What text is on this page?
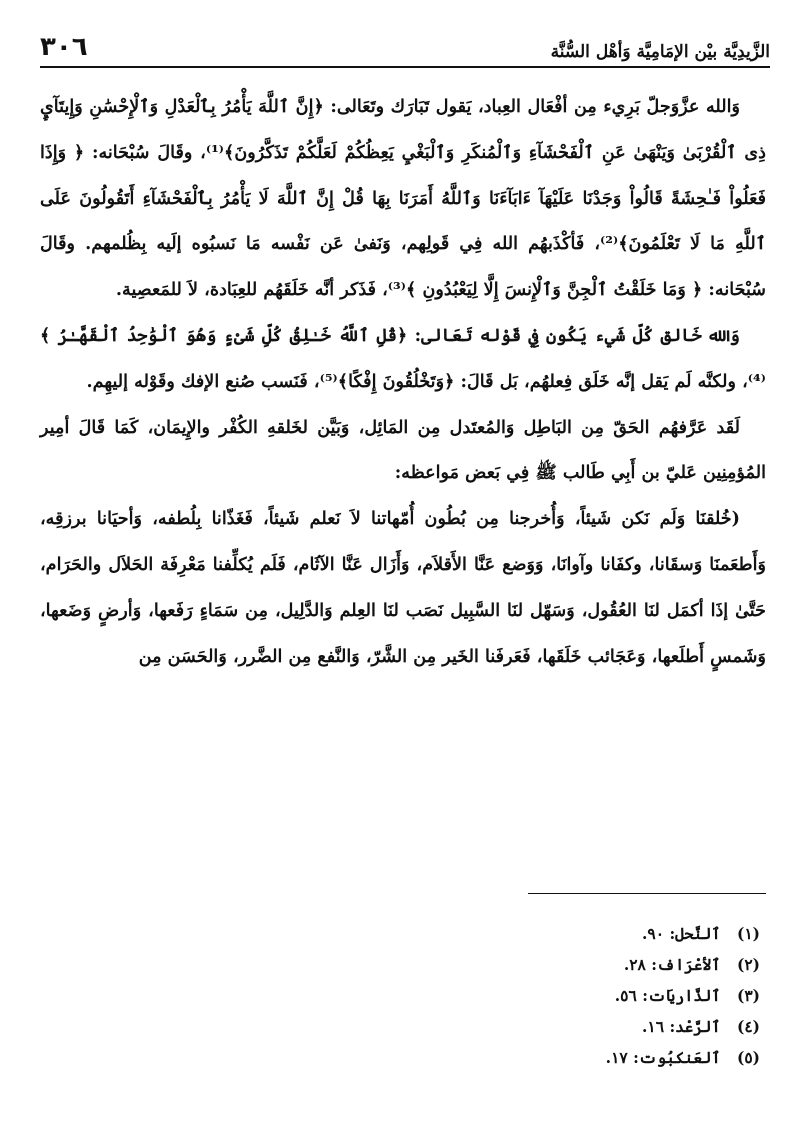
الزَّيدِيَّة بيْن الإمَامِيَّة وَأهْل السُّنَّة
٣٠٦

وَالله عزَّوَجلّ بَرِيء مِن أفْعَال العِباد، يَقول تَبَارَك وتَعَالى: ﴿إِنَّ ٱللَّهَ يَأْمُرُ بِٱلْعَدْلِ وَٱلْإِحْسَٰنِ وَإِيتَآيِٕ ذِى ٱلْقُرْبَىٰ وَيَنْهَىٰ عَنِ ٱلْفَحْشَآءِ وَٱلْمُنكَرِ وَٱلْبَغْيِ يَعِظُكُمْ لَعَلَّكُمْ تَذَكَّرُونَ﴾⁽¹⁾، وقَالَ سُبْحَانه: ﴿ وَإِذَا فَعَلُواْ فَـٰحِشَةً قَالُواْ وَجَدْنَا عَلَيْهَآ ءَابَآءَنَا وَٱللَّهُ أَمَرَنَا بِهَا قُلْ إِنَّ ٱللَّهَ لَا يَأْمُرُ بِٱلْفَحْشَآءِ أَتَقُولُونَ عَلَى ٱللَّهِ مَا لَا تَعْلَمُونَ﴾⁽²⁾، فَأكْذَبهُم الله فِي قَولِهم، وَنَفىٰ عَن نَفْسه مَا نَسبُوه إلَيه بِظُلمهم. وقَالَ سُبْحَانه: ﴿ وَمَا خَلَقْتُ ٱلْجِنَّ وَٱلْإِنسَ إِلَّا لِيَعْبُدُونِ ﴾⁽³⁾، فَذَكر أنَّه خَلَقَهُم للعِبَادة، لاَ للمَعصِية.

وَالله خَالق كُلّ شَيء يَكُون فِي قَوْله تَعَالى: ﴿قُلِ ٱللَّهُ خَـٰلِقُ كُلِّ شَىْءٍ وَهُوَ ٱلْوَٰحِدُ ٱلْقَهَّـٰرُ ﴾⁽⁴⁾، ولكنَّه لَم يَقل إنَّه خَلَق فِعلهُم، بَل قَالَ: ﴿وَتَخْلُقُونَ إِفْكًا﴾⁽⁵⁾، فَنَسب صُنع الإفك وقَوْله إليهِم.

لَقَد عَرَّفهُم الحَقّ مِن البَاطِل وَالمُعتَدل مِن المَائِل، وَبَيَّن لخَلقهِ الكُفْر والإِيمَان، كَمَا قَالَ أمِير المُؤمِنِين عَليّ بن أَبِي طَالب ﷺ فِي بَعض مَواعظه:

(خُلقنَا وَلَم نَكن شَيئاً، وَأُخرجنا مِن بُطُون أُمّهاتنا لاَ نَعلم شَيئاً، فَغَذّانا بِلُطفه، وَأحيَانا برزقِه، وَأَطعَمنَا وَسقَانا، وكفَانا وآوانَا، وَوَضع عَنَّا الأَقلاَم، وَأَزَال عَنَّا الآثَام، فَلَم يُكلِّفنا مَعْرِفَة الحَلاَل والحَرَام، حَتَّىٰ إذَا أكمَل لنَا العُقُول، وَسَهّل لنَا السَّبِيل نَصَب لنَا العِلم وَالدَّلِيل، مِن سَمَاءٍ رَفَعها، وَأرضٍ وَضَعها، وَشَمسٍ أَطلَعها، وَعَجَائب خَلَقَها، فَعَرفَنا الخَير مِن الشَّرّ، وَالنَّفع مِن الضَّرر، وَالحَسَن مِن

(١) ٱلنَّحل: ٩٠.
(٢) ٱلأعْرَاف: ٢٨.
(٣) ٱلذَّاريَات: ٥٦.
(٤) ٱلرَّعْد: ١٦.
(٥) ٱلعَنكبُوت: ١٧.
